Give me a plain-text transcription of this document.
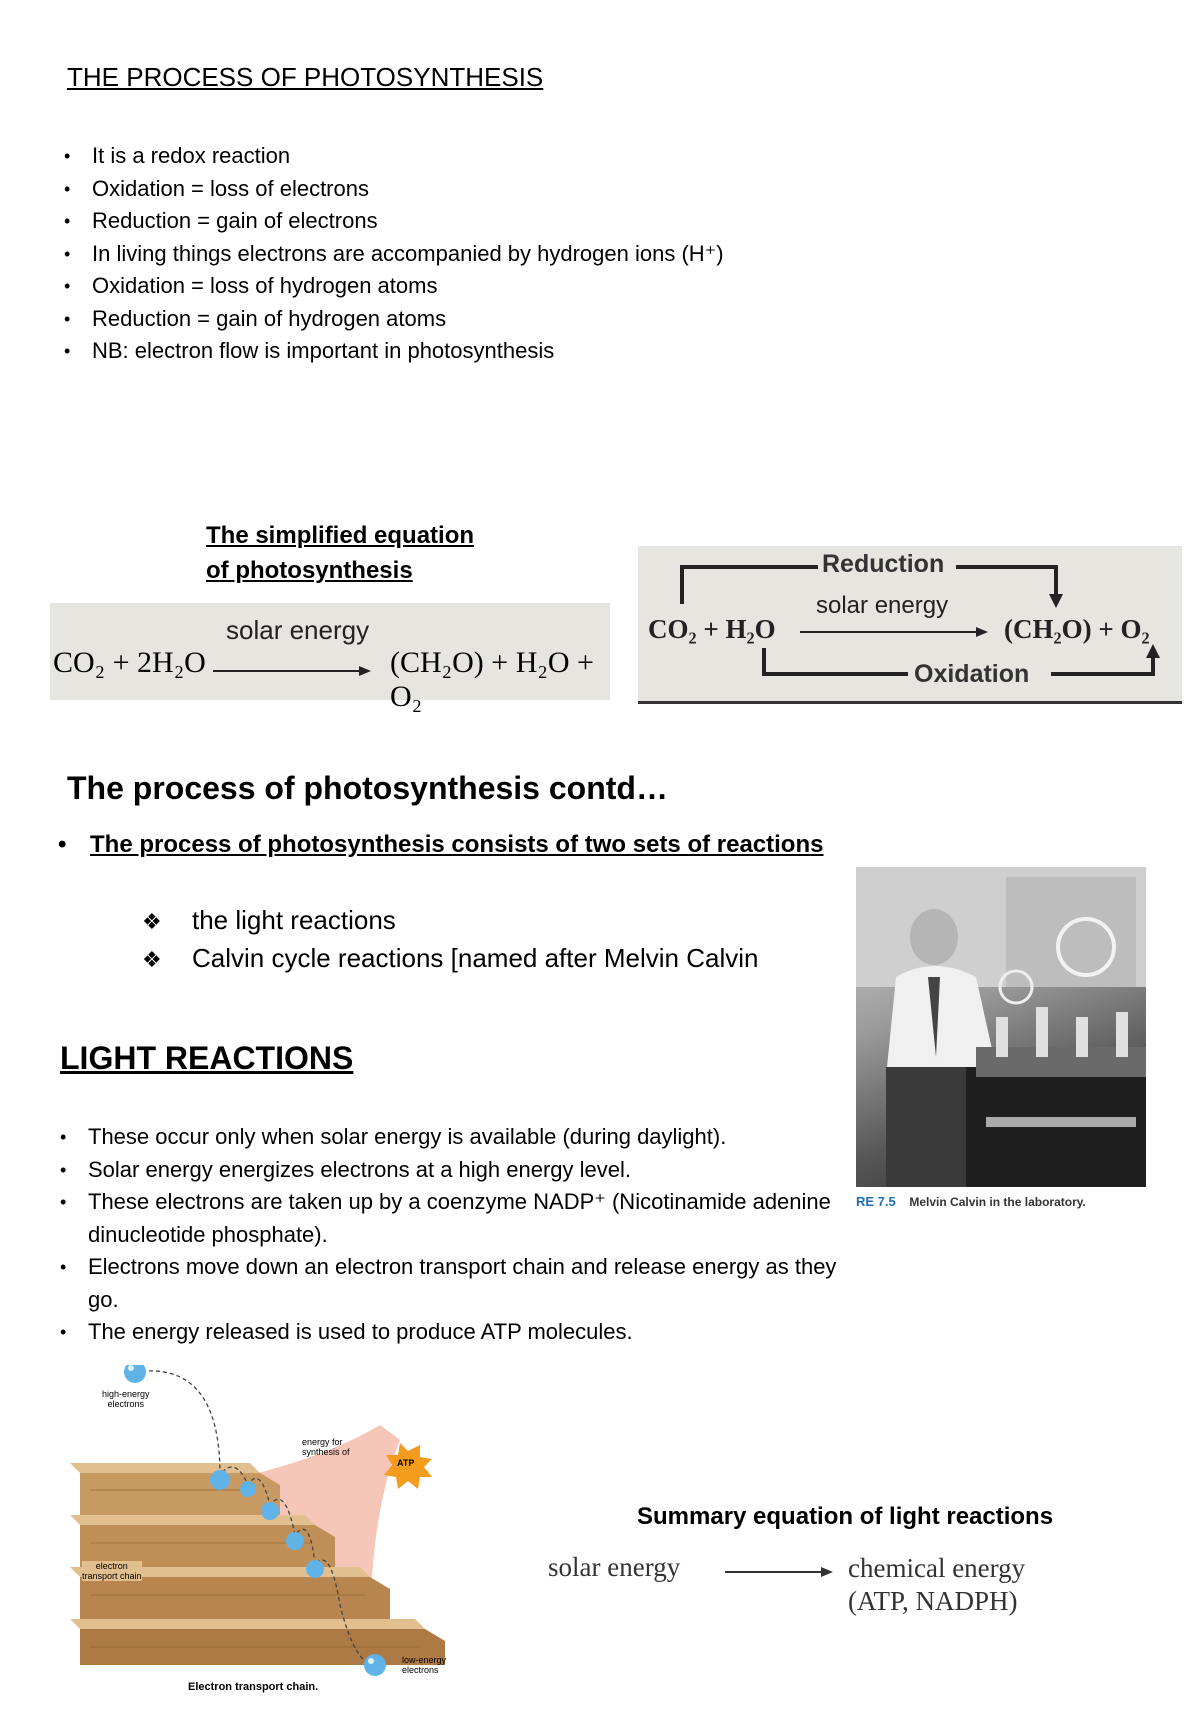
THE PROCESS OF PHOTOSYNTHESIS
• It is a redox reaction
• Oxidation = loss of electrons
• Reduction = gain of electrons
• In living things electrons are accompanied by hydrogen ions (H⁺)
• Oxidation = loss of hydrogen atoms
• Reduction = gain of hydrogen atoms
• NB: electron flow is important in photosynthesis
The simplified equation
of photosynthesis
CO₂ + 2H₂O
solar energy
(CH₂O) + H₂O + O₂
Reduction
solar energy
CO₂ + H₂O	(CH₂O) + O₂
Oxidation
The process of photosynthesis contd…
• The process of photosynthesis consists of two sets of reactions
❖ the light reactions
❖ Calvin cycle reactions [named after Melvin Calvin
RE 7.5 Melvin Calvin in the laboratory.
LIGHT REACTIONS
• These occur only when solar energy is available (during daylight).
• Solar energy energizes electrons at a high energy level.
• These electrons are taken up by a coenzyme NADP⁺ (Nicotinamide adenine dinucleotide phosphate).
• Electrons move down an electron transport chain and release energy as they go.
• The energy released is used to produce ATP molecules.
high-energy
electrons
energy for
synthesis of
ATP
electron
transport chain
low-energy
electrons
Electron transport chain.
Summary equation of light reactions
solar energy	chemical energy
(ATP, NADPH)
